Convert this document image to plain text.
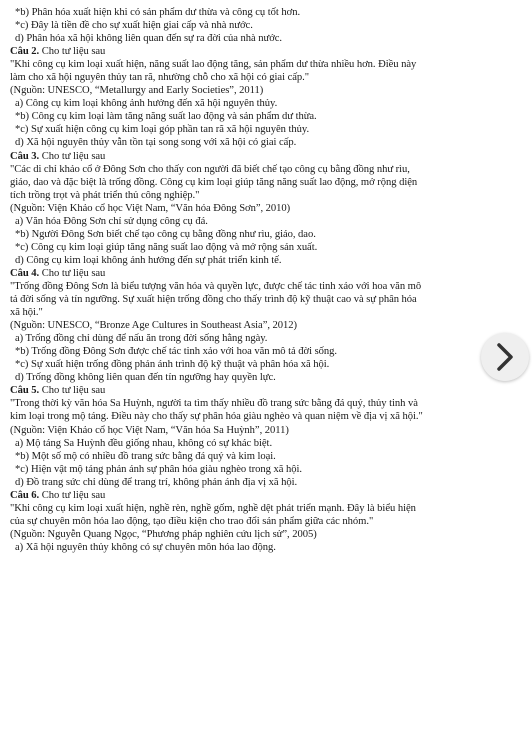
*b) Phân hóa xuất hiện khi có sản phẩm dư thừa và công cụ tốt hơn.
*c) Đây là tiền đề cho sự xuất hiện giai cấp và nhà nước.
d) Phân hóa xã hội không liên quan đến sự ra đời của nhà nước.
Câu 2. Cho tư liệu sau
"Khi công cụ kim loại xuất hiện, năng suất lao động tăng, sản phẩm dư thừa nhiều hơn. Điều này
làm cho xã hội nguyên thủy tan rã, nhường chỗ cho xã hội có giai cấp."
(Nguồn: UNESCO, “Metallurgy and Early Societies”, 2011)
a) Công cụ kim loại không ảnh hưởng đến xã hội nguyên thủy.
*b) Công cụ kim loại làm tăng năng suất lao động và sản phẩm dư thừa.
*c) Sự xuất hiện công cụ kim loại góp phần tan rã xã hội nguyên thủy.
d) Xã hội nguyên thủy vẫn tồn tại song song với xã hội có giai cấp.
Câu 3. Cho tư liệu sau
"Các di chỉ khảo cổ ở Đông Sơn cho thấy con người đã biết chế tạo công cụ bằng đồng như rìu,
giáo, dao và đặc biệt là trống đồng. Công cụ kim loại giúp tăng năng suất lao động, mở rộng diện
tích trồng trọt và phát triển thủ công nghiệp."
(Nguồn: Viện Khảo cổ học Việt Nam, “Văn hóa Đông Sơn”, 2010)
a) Văn hóa Đông Sơn chỉ sử dụng công cụ đá.
*b) Người Đông Sơn biết chế tạo công cụ bằng đồng như rìu, giáo, dao.
*c) Công cụ kim loại giúp tăng năng suất lao động và mở rộng sản xuất.
d) Công cụ kim loại không ảnh hưởng đến sự phát triển kinh tế.
Câu 4. Cho tư liệu sau
"Trống đồng Đông Sơn là biểu tượng văn hóa và quyền lực, được chế tác tinh xảo với hoa văn mô
tả đời sống và tín ngưỡng. Sự xuất hiện trống đồng cho thấy trình độ kỹ thuật cao và sự phân hóa
xã hội."
(Nguồn: UNESCO, “Bronze Age Cultures in Southeast Asia”, 2012)
a) Trống đồng chỉ dùng để nấu ăn trong đời sống hằng ngày.
*b) Trống đồng Đông Sơn được chế tác tinh xảo với hoa văn mô tả đời sống.
*c) Sự xuất hiện trống đồng phản ánh trình độ kỹ thuật và phân hóa xã hội.
d) Trống đồng không liên quan đến tín ngưỡng hay quyền lực.
Câu 5. Cho tư liệu sau
"Trong thời kỳ văn hóa Sa Huỳnh, người ta tìm thấy nhiều đồ trang sức bằng đá quý, thủy tinh và
kim loại trong mộ táng. Điều này cho thấy sự phân hóa giàu nghèo và quan niệm về địa vị xã hội."
(Nguồn: Viện Khảo cổ học Việt Nam, “Văn hóa Sa Huỳnh”, 2011)
a) Mộ táng Sa Huỳnh đều giống nhau, không có sự khác biệt.
*b) Một số mộ có nhiều đồ trang sức bằng đá quý và kim loại.
*c) Hiện vật mộ táng phản ánh sự phân hóa giàu nghèo trong xã hội.
d) Đồ trang sức chỉ dùng để trang trí, không phản ánh địa vị xã hội.
Câu 6. Cho tư liệu sau
"Khi công cụ kim loại xuất hiện, nghề rèn, nghề gốm, nghề dệt phát triển mạnh. Đây là biểu hiện
của sự chuyên môn hóa lao động, tạo điều kiện cho trao đổi sản phẩm giữa các nhóm."
(Nguồn: Nguyễn Quang Ngọc, “Phương pháp nghiên cứu lịch sử”, 2005)
a) Xã hội nguyên thủy không có sự chuyên môn hóa lao động.
